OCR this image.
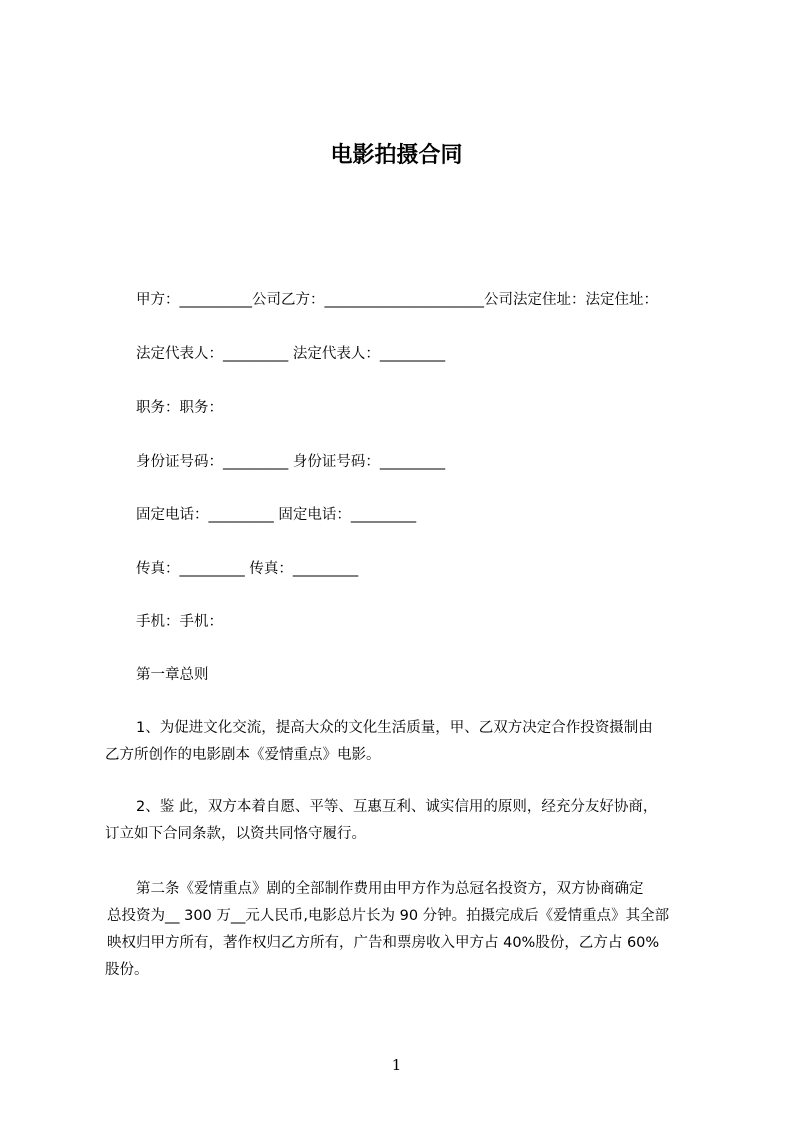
电影拍摄合同
甲方：__________公司乙方：______________________公司法定住址：法定住址：
法定代表人：_________ 法定代表人：_________
职务：职务：
身份证号码：_________ 身份证号码：_________
固定电话：_________ 固定电话：_________
传真：_________ 传真：_________
手机：手机：
第一章总则
1、为促进文化交流，提高大众的文化生活质量，甲、乙双方决定合作投资摄制由
乙方所创作的电影剧本《爱情重点》电影。
2、鉴 此，双方本着自愿、平等、互惠互利、诚实信用的原则，经充分友好协商，
订立如下合同条款，以资共同恪守履行。
第二条《爱情重点》剧的全部制作费用由甲方作为总冠名投资方，双方协商确定
总投资为__ 300 万__元人民币,电影总片长为 90 分钟。拍摄完成后《爱情重点》其全部
映权归甲方所有，著作权归乙方所有，广告和票房收入甲方占 40%股份，乙方占 60%
股份。
1
